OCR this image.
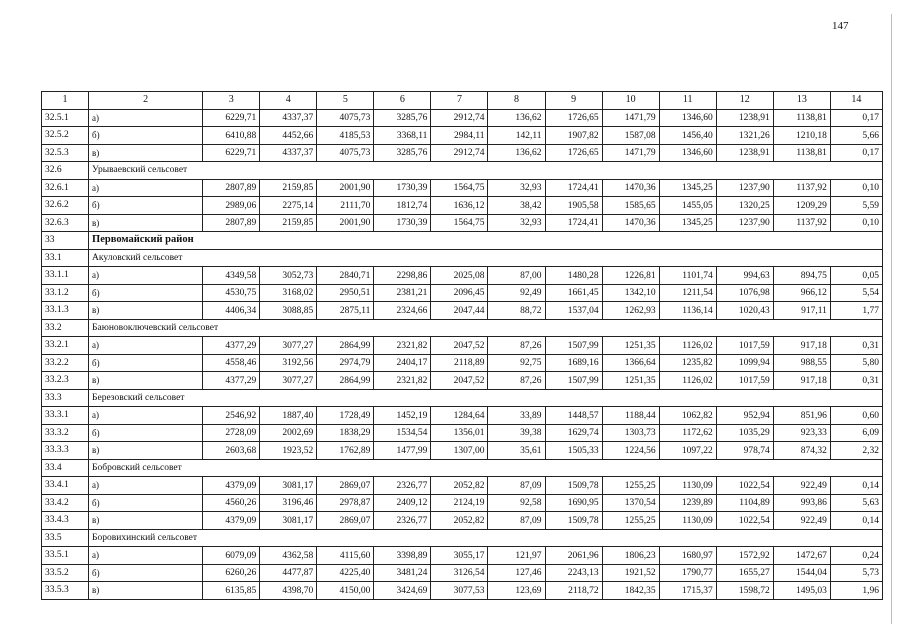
147
1	2	3	4	5	6	7	8	9	10	11	12	13	14
32.5.1	а)	6229,71	4337,37	4075,73	3285,76	2912,74	136,62	1726,65	1471,79	1346,60	1238,91	1138,81	0,17
32.5.2	б)	6410,88	4452,66	4185,53	3368,11	2984,11	142,11	1907,82	1587,08	1456,40	1321,26	1210,18	5,66
32.5.3	в)	6229,71	4337,37	4075,73	3285,76	2912,74	136,62	1726,65	1471,79	1346,60	1238,91	1138,81	0,17
32.6	Урывaевский сельсовет												
32.6.1	а)	2807,89	2159,85	2001,90	1730,39	1564,75	32,93	1724,41	1470,36	1345,25	1237,90	1137,92	0,10
32.6.2	б)	2989,06	2275,14	2111,70	1812,74	1636,12	38,42	1905,58	1585,65	1455,05	1320,25	1209,29	5,59
32.6.3	в)	2807,89	2159,85	2001,90	1730,39	1564,75	32,93	1724,41	1470,36	1345,25	1237,90	1137,92	0,10
33	Первомайский район												
33.1	Акуловский сельсовет												
33.1.1	а)	4349,58	3052,73	2840,71	2298,86	2025,08	87,00	1480,28	1226,81	1101,74	994,63	894,75	0,05
33.1.2	б)	4530,75	3168,02	2950,51	2381,21	2096,45	92,49	1661,45	1342,10	1211,54	1076,98	966,12	5,54
33.1.3	в)	4406,34	3088,85	2875,11	2324,66	2047,44	88,72	1537,04	1262,93	1136,14	1020,43	917,11	1,77
33.2	Баюновоключевский сельсовет												
33.2.1	а)	4377,29	3077,27	2864,99	2321,82	2047,52	87,26	1507,99	1251,35	1126,02	1017,59	917,18	0,31
33.2.2	б)	4558,46	3192,56	2974,79	2404,17	2118,89	92,75	1689,16	1366,64	1235,82	1099,94	988,55	5,80
33.2.3	в)	4377,29	3077,27	2864,99	2321,82	2047,52	87,26	1507,99	1251,35	1126,02	1017,59	917,18	0,31
33.3	Березовский сельсовет												
33.3.1	а)	2546,92	1887,40	1728,49	1452,19	1284,64	33,89	1448,57	1188,44	1062,82	952,94	851,96	0,60
33.3.2	б)	2728,09	2002,69	1838,29	1534,54	1356,01	39,38	1629,74	1303,73	1172,62	1035,29	923,33	6,09
33.3.3	в)	2603,68	1923,52	1762,89	1477,99	1307,00	35,61	1505,33	1224,56	1097,22	978,74	874,32	2,32
33.4	Бобровский сельсовет												
33.4.1	а)	4379,09	3081,17	2869,07	2326,77	2052,82	87,09	1509,78	1255,25	1130,09	1022,54	922,49	0,14
33.4.2	б)	4560,26	3196,46	2978,87	2409,12	2124,19	92,58	1690,95	1370,54	1239,89	1104,89	993,86	5,63
33.4.3	в)	4379,09	3081,17	2869,07	2326,77	2052,82	87,09	1509,78	1255,25	1130,09	1022,54	922,49	0,14
33.5	Боровихинский сельсовет												
33.5.1	а)	6079,09	4362,58	4115,60	3398,89	3055,17	121,97	2061,96	1806,23	1680,97	1572,92	1472,67	0,24
33.5.2	б)	6260,26	4477,87	4225,40	3481,24	3126,54	127,46	2243,13	1921,52	1790,77	1655,27	1544,04	5,73
33.5.3	в)	6135,85	4398,70	4150,00	3424,69	3077,53	123,69	2118,72	1842,35	1715,37	1598,72	1495,03	1,96
